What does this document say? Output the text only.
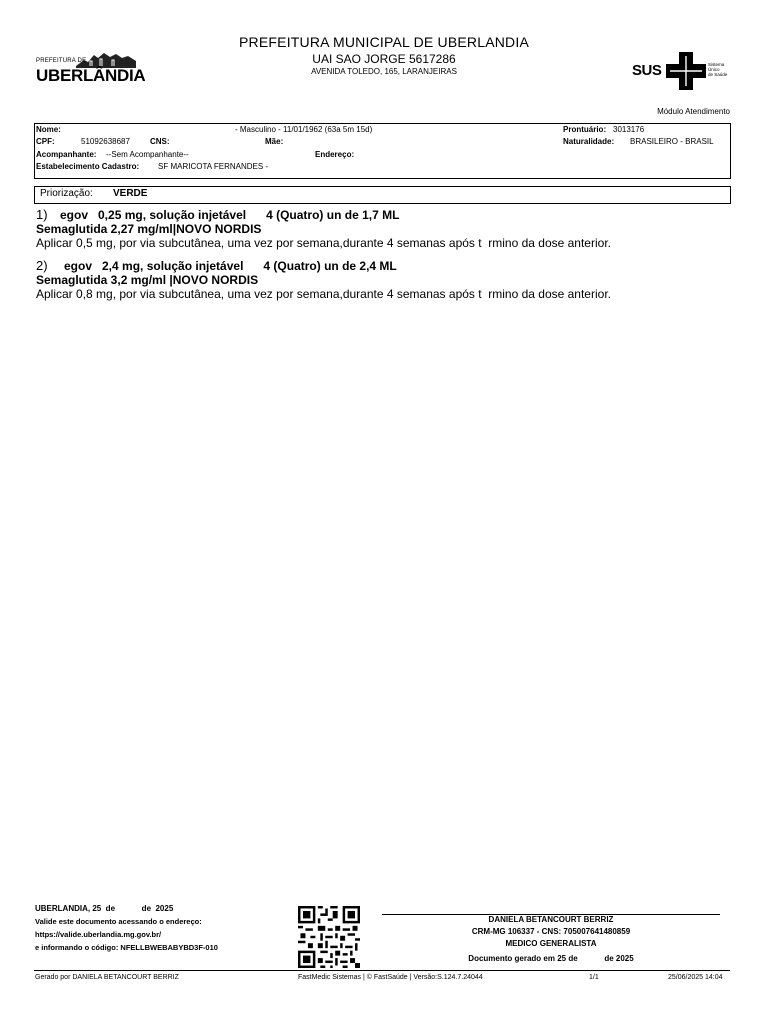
PREFEITURA DE
UBERLÂNDIA
PREFEITURA MUNICIPAL DE UBERLANDIA
UAI SAO JORGE 5617286
AVENIDA TOLEDO, 165, LARANJEIRAS	SUS	Sistema
Único
de Saúde
Módulo Atendimento
Nome:	- Masculino - 11/01/1962 (63a 5m 15d)	Prontuário: 3013176
CPF:	51092638687	CNS:	Mãe:	Naturalidade: BRASILEIRO - BRASIL
Acompanhante: --Sem Acompanhante--	Endereço:
Estabelecimento Cadastro: SF MARICOTA FERNANDES -
Priorização: VERDE
1) egov   0,25 mg, solução injetável      4 (Quatro) un de 1,7 ML
Semaglutida 2,27 mg/ml|NOVO NORDIS
Aplicar 0,5 mg, por via subcutânea, uma vez por semana,durante 4 semanas após t  rmino da dose anterior.
2) egov   2,4 mg, solução injetável      4 (Quatro) un de 2,4 ML
Semaglutida 3,2 mg/ml |NOVO NORDIS
Aplicar 0,8 mg, por via subcutânea, uma vez por semana,durante 4 semanas após t  rmino da dose anterior.
UBERLANDIA, 25  de            de  2025
Valide este documento acessando o endereço:
https://valide.uberlandia.mg.gov.br/
e informando o código: NFELLBWEBABYBD3F-010
DANIELA BETANCOURT BERRIZ
CRM-MG 106337 - CNS: 705007641480859
MEDICO GENERALISTA
Documento gerado em 25 de            de 2025
Gerado por DANIELA BETANCOURT BERRIZ	FastMedic Sistemas | © FastSaúde | Versão:S.124.7.24044	1/1	25/06/2025 14:04
